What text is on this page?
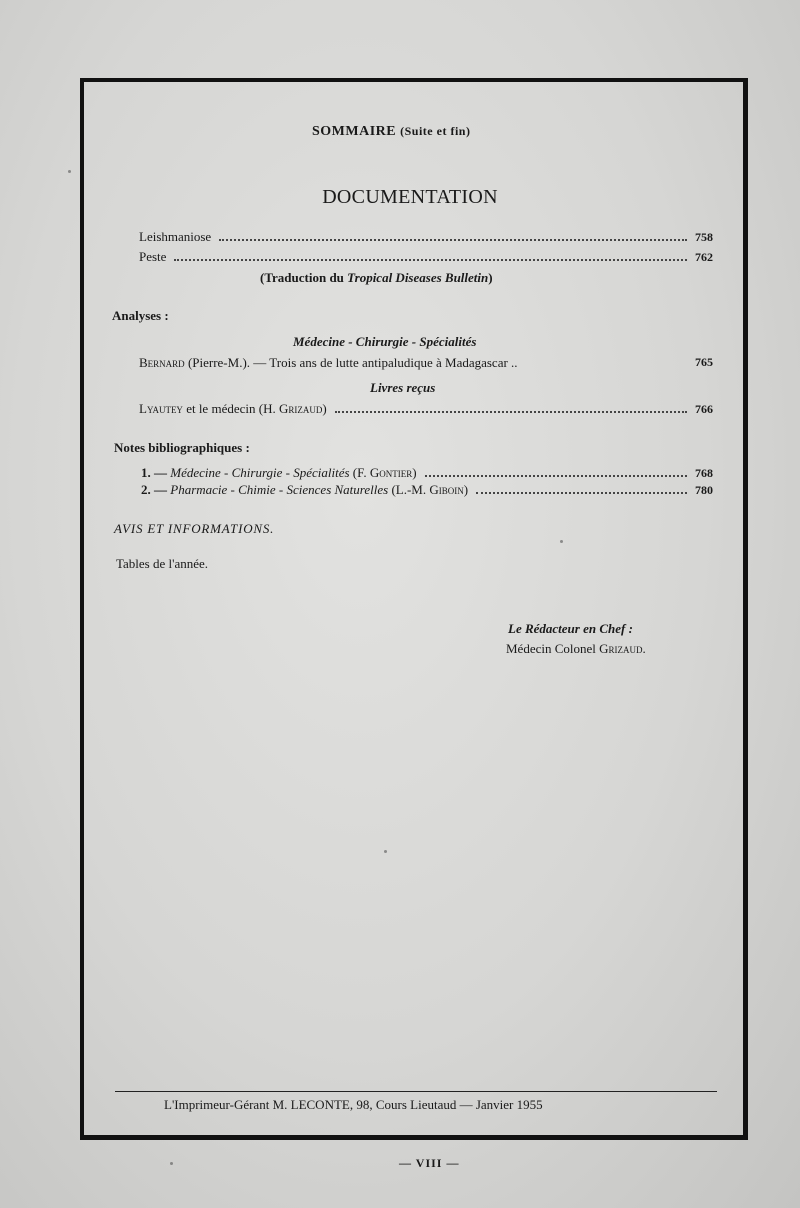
SOMMAIRE (Suite et fin)
DOCUMENTATION
Leishmaniose	758
Peste	762
(Traduction du Tropical Diseases Bulletin)
Analyses :
Médecine - Chirurgie - Spécialités
Bernard (Pierre-M.). — Trois ans de lutte antipaludique à Madagascar ..	765
Livres reçus
Lyautey et le médecin (H. Grizaud)	766
Notes bibliographiques :
1. — Médecine - Chirurgie - Spécialités (F. Gontier)	768
2. — Pharmacie - Chimie - Sciences Naturelles (L.-M. Giboin)	780
AVIS ET INFORMATIONS.
Tables de l'année.
Le Rédacteur en Chef :
Médecin Colonel Grizaud.
L'Imprimeur-Gérant M. LECONTE, 98, Cours Lieutaud — Janvier 1955
— VIII —
